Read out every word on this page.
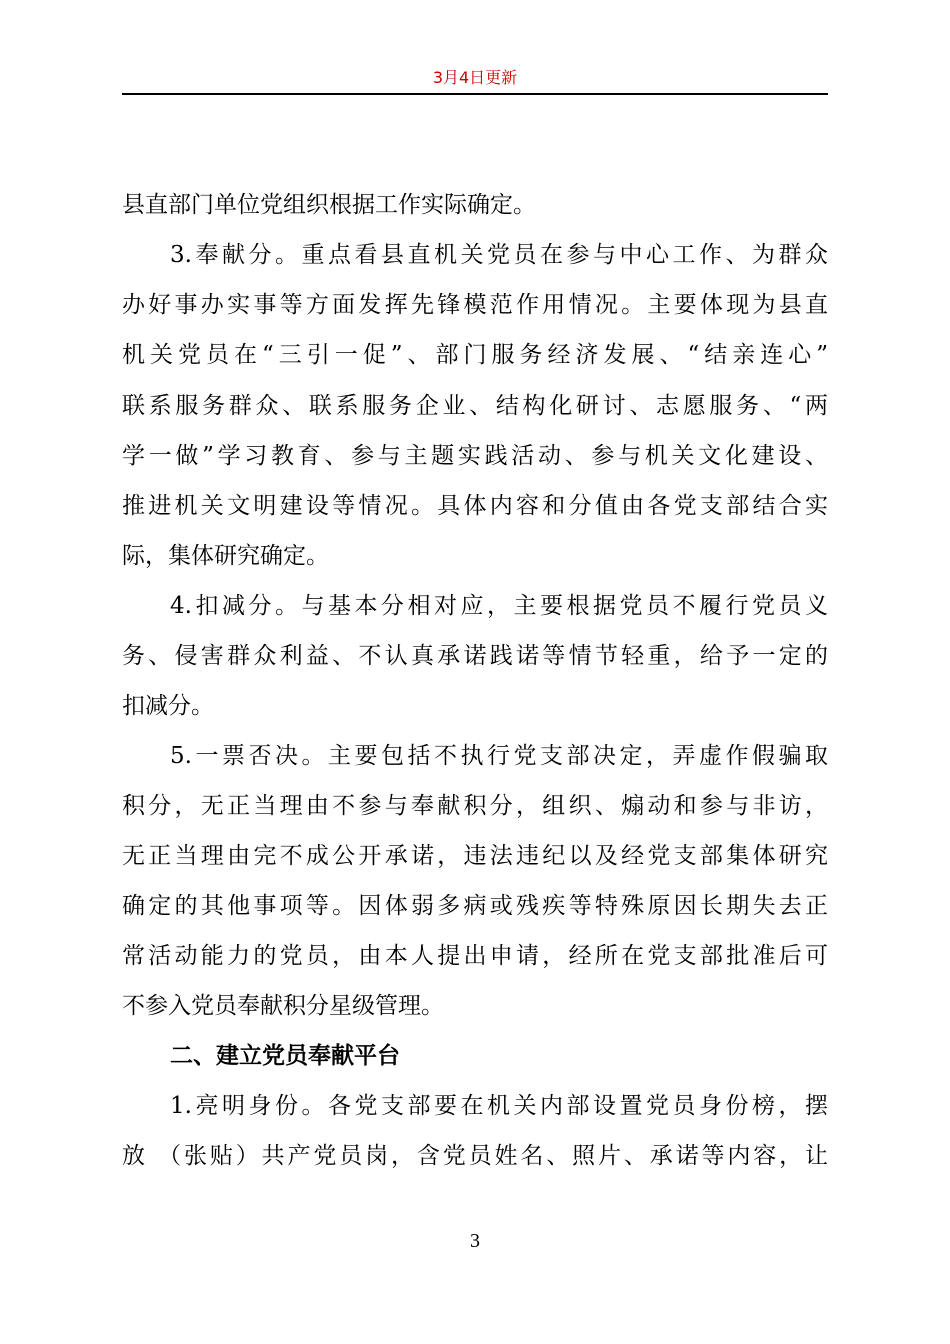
3月4日更新
县直部门单位党组织根据工作实际确定。
3.奉献分。重点看县直机关党员在参与中心工作、为群众
办好事办实事等方面发挥先锋模范作用情况。主要体现为县直
机关党员在“三引一促”、部门服务经济发展、“结亲连心”
联系服务群众、联系服务企业、结构化研讨、志愿服务、“两
学一做”学习教育、参与主题实践活动、参与机关文化建设、
推进机关文明建设等情况。具体内容和分值由各党支部结合实
际，集体研究确定。
4.扣减分。与基本分相对应，主要根据党员不履行党员义
务、侵害群众利益、不认真承诺践诺等情节轻重，给予一定的
扣减分。
5.一票否决。主要包括不执行党支部决定，弄虚作假骗取
积分，无正当理由不参与奉献积分，组织、煽动和参与非访，
无正当理由完不成公开承诺，违法违纪以及经党支部集体研究
确定的其他事项等。因体弱多病或残疾等特殊原因长期失去正
常活动能力的党员，由本人提出申请，经所在党支部批准后可
不参入党员奉献积分星级管理。
二、建立党员奉献平台
1.亮明身份。各党支部要在机关内部设置党员身份榜，摆
放 （张贴）共产党员岗，含党员姓名、照片、承诺等内容，让
3
